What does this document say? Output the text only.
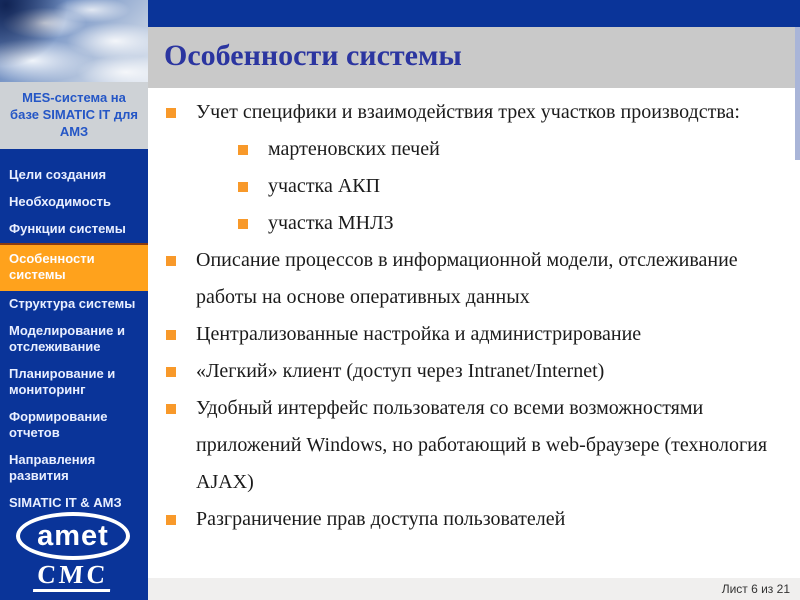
MES-система на базе SIMATIC IT для АМЗ
Цели создания
Необходимость
Функции системы
Особенности системы
Структура системы
Моделирование и отслеживание
Планирование и мониторинг
Формирование отчетов
Направления развития
SIMATIC IT & АМЗ
amet
СМС
Особенности системы
Учет специфики и взаимодействия трех участков производства:
мартеновских печей
участка АКП
участка МНЛЗ
Описание процессов в информационной модели, отслеживание работы на основе оперативных данных
Централизованные настройка и администрирование
«Легкий» клиент (доступ через Intranet/Internet)
Удобный интерфейс пользователя со всеми возможностями приложений Windows, но работающий в web-браузере (технология AJAX)
Разграничение прав доступа пользователей
Лист 6 из 21
